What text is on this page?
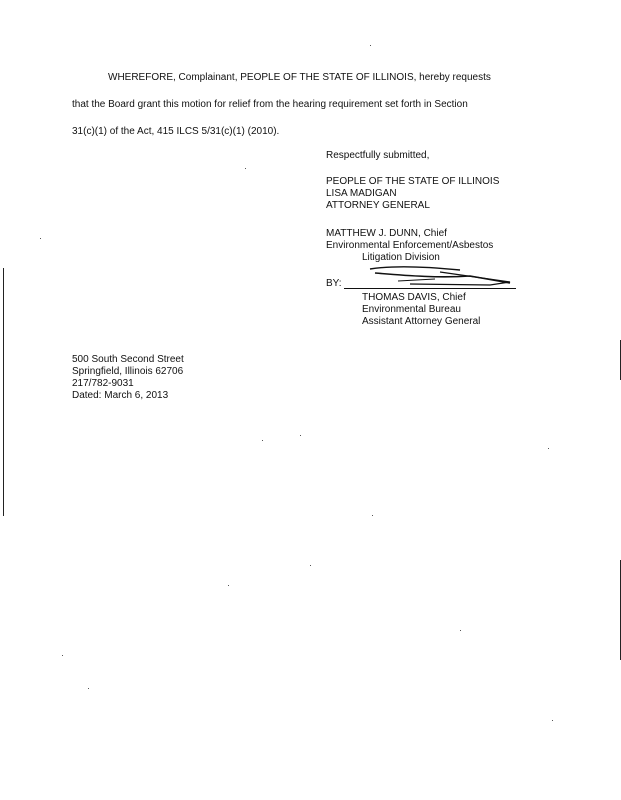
WHEREFORE, Complainant, PEOPLE OF THE STATE OF ILLINOIS, hereby requests
that the Board grant this motion for relief from the hearing requirement set forth in Section
31(c)(1) of the Act, 415 ILCS 5/31(c)(1) (2010).
Respectfully submitted,
PEOPLE OF THE STATE OF ILLINOIS
LISA MADIGAN
ATTORNEY GENERAL
MATTHEW J. DUNN, Chief
Environmental Enforcement/Asbestos
Litigation Division
BY:
THOMAS DAVIS, Chief
Environmental Bureau
Assistant Attorney General
500 South Second Street
Springfield, Illinois 62706
217/782-9031
Dated: March 6, 2013
